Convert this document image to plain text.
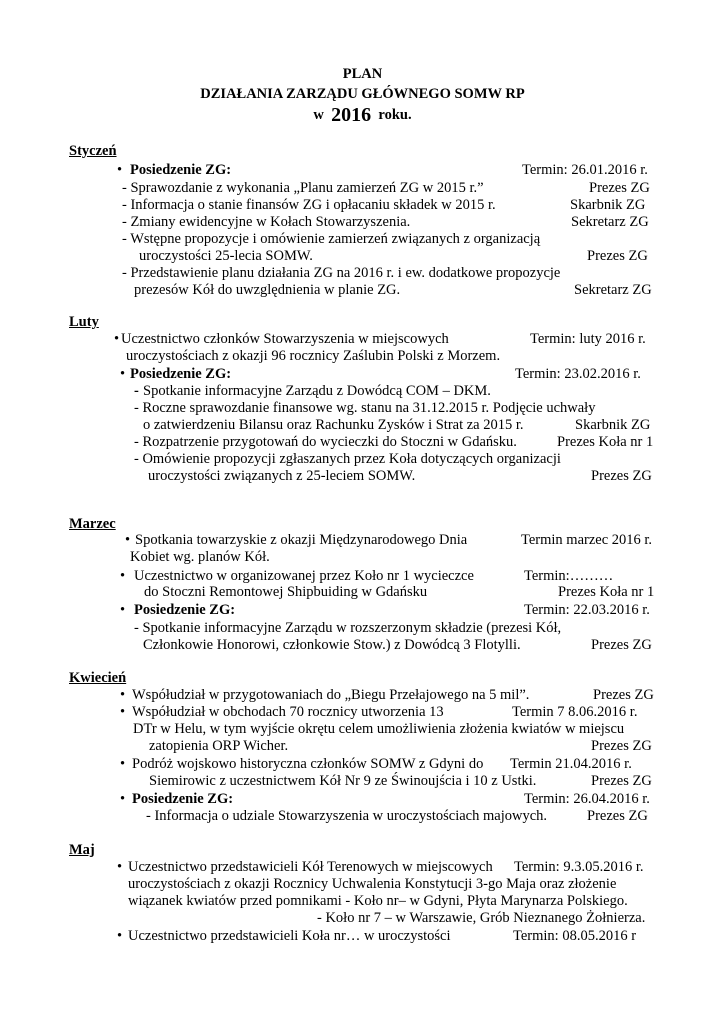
PLAN
DZIAŁANIA ZARZĄDU GŁÓWNEGO SOMW RP
w 2016 roku.
Styczeń
• Posiedzenie ZG:	Termin: 26.01.2016 r.
- Sprawozdanie z wykonania „Planu zamierzeń ZG w 2015 r.”	Prezes ZG
- Informacja o stanie finansów ZG i opłacaniu składek w 2015 r.	Skarbnik ZG
- Zmiany ewidencyjne w Kołach Stowarzyszenia.	Sekretarz ZG
- Wstępne propozycje i omówienie zamierzeń związanych z organizacją
uroczystości 25-lecia SOMW.	Prezes ZG
- Przedstawienie planu działania ZG na 2016 r. i ew. dodatkowe propozycje
prezesów Kół do uwzględnienia w planie ZG.	Sekretarz ZG
Luty
• Uczestnictwo członków Stowarzyszenia w miejscowych	Termin: luty 2016 r.
uroczystościach z okazji 96 rocznicy Zaślubin Polski z Morzem.
• Posiedzenie ZG:	Termin: 23.02.2016 r.
- Spotkanie informacyjne Zarządu z Dowódcą COM – DKM.
- Roczne sprawozdanie finansowe wg. stanu na 31.12.2015 r. Podjęcie uchwały
o zatwierdzeniu Bilansu oraz Rachunku Zysków i Strat za 2015 r.	Skarbnik ZG
- Rozpatrzenie przygotowań do wycieczki do Stoczni w Gdańsku.	Prezes Koła nr 1
- Omówienie propozycji zgłaszanych przez Koła dotyczących organizacji
uroczystości związanych z 25-leciem SOMW.	Prezes ZG
Marzec
• Spotkania towarzyskie z okazji Międzynarodowego Dnia	Termin marzec 2016 r.
Kobiet wg. planów Kół.
• Uczestnictwo w organizowanej przez Koło nr 1 wycieczce	Termin:………
do Stoczni Remontowej Shipbuiding w Gdańsku	Prezes Koła nr 1
• Posiedzenie ZG:	Termin: 22.03.2016 r.
- Spotkanie informacyjne Zarządu w rozszerzonym składzie (prezesi Kół,
Członkowie Honorowi, członkowie Stow.) z Dowódcą 3 Flotylli.	Prezes ZG
Kwiecień
• Współudział w przygotowaniach do „Biegu Przełajowego na 5 mil”.	Prezes ZG
• Współudział w obchodach 70 rocznicy utworzenia 13	Termin 7 8.06.2016 r.
DTr w Helu, w tym wyjście okrętu celem umożliwienia złożenia kwiatów w miejscu
zatopienia ORP Wicher.	Prezes ZG
• Podróż wojskowo historyczna członków SOMW z Gdyni do Termin 21.04.2016 r.
Siemirowic z uczestnictwem Kół Nr 9 ze Świnoujścia i 10 z Ustki.	Prezes ZG
• Posiedzenie ZG:	Termin: 26.04.2016 r.
- Informacja o udziale Stowarzyszenia w uroczystościach majowych.	Prezes ZG
Maj
• Uczestnictwo przedstawicieli Kół Terenowych w miejscowych Termin: 9.3.05.2016 r.
uroczystościach z okazji Rocznicy Uchwalenia Konstytucji 3-go Maja oraz złożenie
wiązanek kwiatów przed pomnikami - Koło nr– w Gdyni, Płyta Marynarza Polskiego.
- Koło nr 7 – w Warszawie, Grób Nieznanego Żołnierza.
• Uczestnictwo przedstawicieli Koła nr… w uroczystości	Termin: 08.05.2016 r
